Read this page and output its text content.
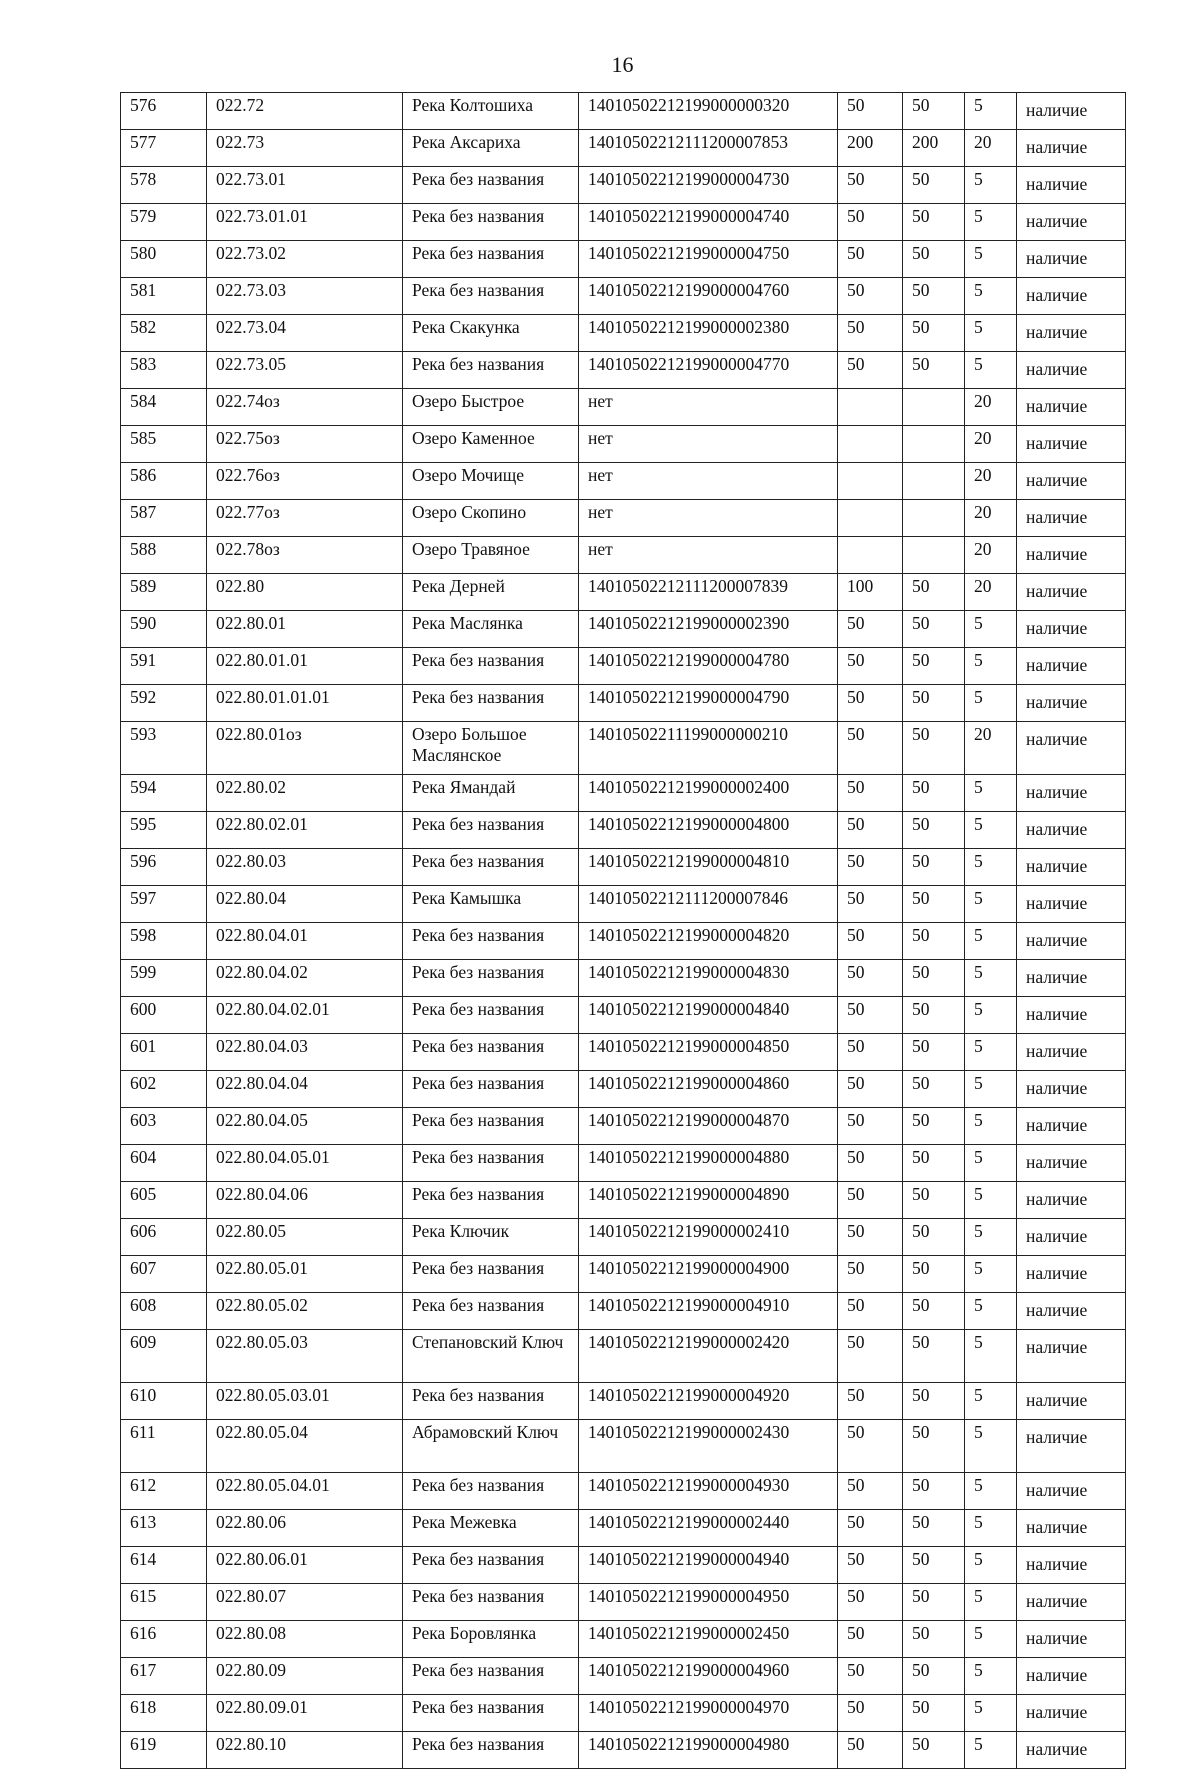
16
576	022.72	Река Колтошиха	14010502212199000000320	50	50	5	наличие
577	022.73	Река Аксариха	14010502212111200007853	200	200	20	наличие
578	022.73.01	Река без названия	14010502212199000004730	50	50	5	наличие
579	022.73.01.01	Река без названия	14010502212199000004740	50	50	5	наличие
580	022.73.02	Река без названия	14010502212199000004750	50	50	5	наличие
581	022.73.03	Река без названия	14010502212199000004760	50	50	5	наличие
582	022.73.04	Река Скакунка	14010502212199000002380	50	50	5	наличие
583	022.73.05	Река без названия	14010502212199000004770	50	50	5	наличие
584	022.74оз	Озеро Быстрое	нет			20	наличие
585	022.75оз	Озеро Каменное	нет			20	наличие
586	022.76оз	Озеро Мочище	нет			20	наличие
587	022.77оз	Озеро Скопино	нет			20	наличие
588	022.78оз	Озеро Травяное	нет			20	наличие
589	022.80	Река Дерней	14010502212111200007839	100	50	20	наличие
590	022.80.01	Река Маслянка	14010502212199000002390	50	50	5	наличие
591	022.80.01.01	Река без названия	14010502212199000004780	50	50	5	наличие
592	022.80.01.01.01	Река без названия	14010502212199000004790	50	50	5	наличие
593	022.80.01оз	Озеро Большое Маслянское	14010502211199000000210	50	50	20	наличие
594	022.80.02	Река Ямандай	14010502212199000002400	50	50	5	наличие
595	022.80.02.01	Река без названия	14010502212199000004800	50	50	5	наличие
596	022.80.03	Река без названия	14010502212199000004810	50	50	5	наличие
597	022.80.04	Река Камышка	14010502212111200007846	50	50	5	наличие
598	022.80.04.01	Река без названия	14010502212199000004820	50	50	5	наличие
599	022.80.04.02	Река без названия	14010502212199000004830	50	50	5	наличие
600	022.80.04.02.01	Река без названия	14010502212199000004840	50	50	5	наличие
601	022.80.04.03	Река без названия	14010502212199000004850	50	50	5	наличие
602	022.80.04.04	Река без названия	14010502212199000004860	50	50	5	наличие
603	022.80.04.05	Река без названия	14010502212199000004870	50	50	5	наличие
604	022.80.04.05.01	Река без названия	14010502212199000004880	50	50	5	наличие
605	022.80.04.06	Река без названия	14010502212199000004890	50	50	5	наличие
606	022.80.05	Река Ключик	14010502212199000002410	50	50	5	наличие
607	022.80.05.01	Река без названия	14010502212199000004900	50	50	5	наличие
608	022.80.05.02	Река без названия	14010502212199000004910	50	50	5	наличие
609	022.80.05.03	Степановский Ключ	14010502212199000002420	50	50	5	наличие
610	022.80.05.03.01	Река без названия	14010502212199000004920	50	50	5	наличие
611	022.80.05.04	Абрамовский Ключ	14010502212199000002430	50	50	5	наличие
612	022.80.05.04.01	Река без названия	14010502212199000004930	50	50	5	наличие
613	022.80.06	Река Межевка	14010502212199000002440	50	50	5	наличие
614	022.80.06.01	Река без названия	14010502212199000004940	50	50	5	наличие
615	022.80.07	Река без названия	14010502212199000004950	50	50	5	наличие
616	022.80.08	Река Боровлянка	14010502212199000002450	50	50	5	наличие
617	022.80.09	Река без названия	14010502212199000004960	50	50	5	наличие
618	022.80.09.01	Река без названия	14010502212199000004970	50	50	5	наличие
619	022.80.10	Река без названия	14010502212199000004980	50	50	5	наличие
